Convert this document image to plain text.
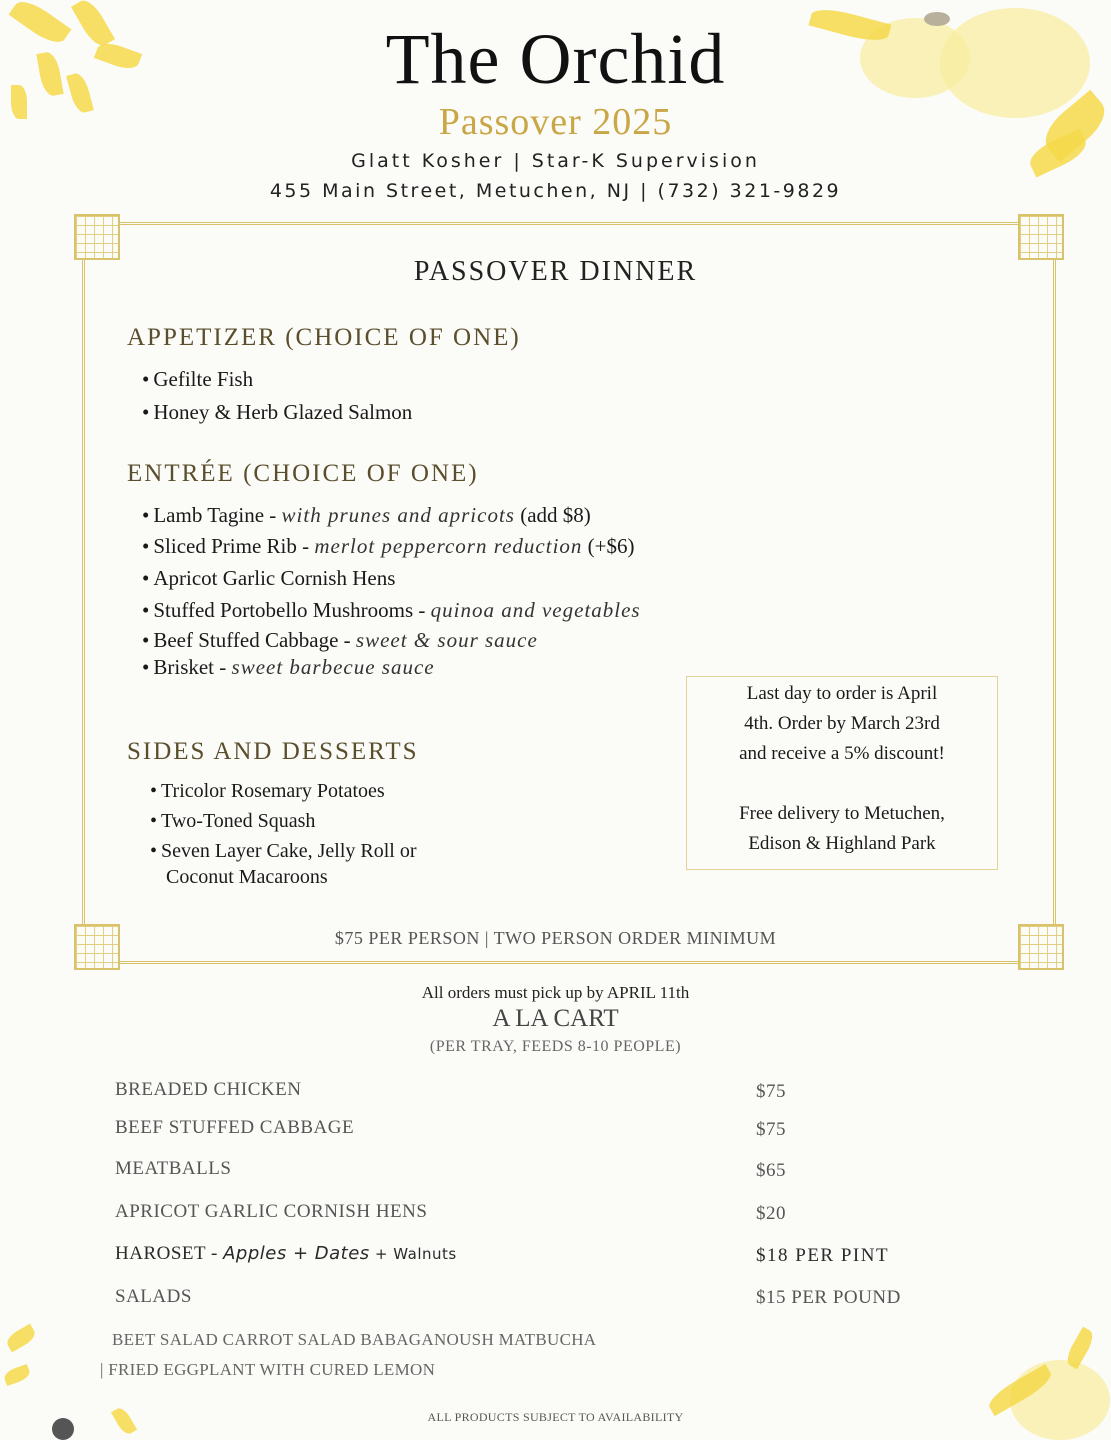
The Orchid
Passover 2025
Glatt Kosher | Star-K Supervision
455 Main Street, Metuchen, NJ | (732) 321-9829
PASSOVER DINNER
APPETIZER (CHOICE OF ONE)
• Gefilte Fish
• Honey & Herb Glazed Salmon
ENTRÉE (CHOICE OF ONE)
• Lamb Tagine - with prunes and apricots (add $8)
• Sliced Prime Rib - merlot peppercorn reduction (+$6)
• Apricot Garlic Cornish Hens
• Stuffed Portobello Mushrooms - quinoa and vegetables
• Beef Stuffed Cabbage - sweet & sour sauce
• Brisket - sweet barbecue sauce
SIDES AND DESSERTS
• Tricolor Rosemary Potatoes
• Two-Toned Squash
• Seven Layer Cake, Jelly Roll or
Coconut Macaroons

Last day to order is April

4th. Order by March 23rd

and receive a 5% discount!

Free delivery to Metuchen,

Edison & Highland Park

$75 PER PERSON | TWO PERSON ORDER MINIMUM
All orders must pick up by APRIL 11th
A LA CART
(PER TRAY, FEEDS 8-10 PEOPLE)
BREADED CHICKEN	$75
BEEF STUFFED CABBAGE	$75
MEATBALLS	$65
APRICOT GARLIC CORNISH HENS	$20
HAROSET - Apples + Dates + Walnuts	$18 PER PINT
SALADS	$15 PER POUND
BEET SALAD CARROT SALAD BABAGANOUSH MATBUCHA
| FRIED EGGPLANT WITH CURED LEMON
ALL PRODUCTS SUBJECT TO AVAILABILITY
